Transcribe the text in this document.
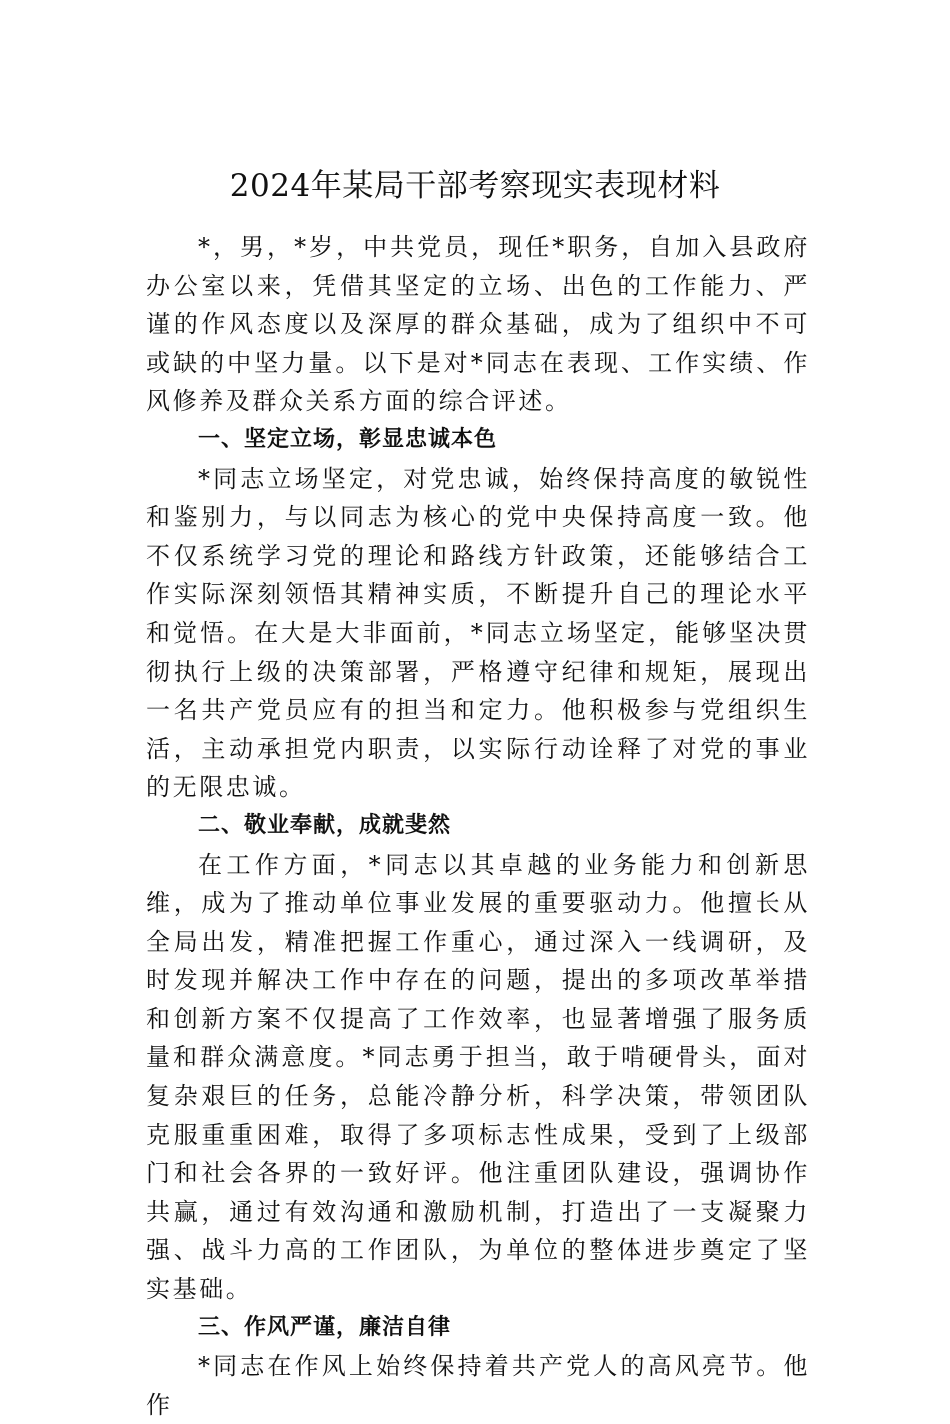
2024年某局干部考察现实表现材料

*，男，*岁，中共党员，现任*职务，自加入县政府办公室以来，凭借其坚定的立场、出色的工作能力、严谨的作风态度以及深厚的群众基础，成为了组织中不可或缺的中坚力量。以下是对*同志在表现、工作实绩、作风修养及群众关系方面的综合评述。

一、坚定立场，彰显忠诚本色

*同志立场坚定，对党忠诚，始终保持高度的敏锐性和鉴别力，与以同志为核心的党中央保持高度一致。他不仅系统学习党的理论和路线方针政策，还能够结合工作实际深刻领悟其精神实质，不断提升自己的理论水平和觉悟。在大是大非面前，*同志立场坚定，能够坚决贯彻执行上级的决策部署，严格遵守纪律和规矩，展现出一名共产党员应有的担当和定力。他积极参与党组织生活，主动承担党内职责，以实际行动诠释了对党的事业的无限忠诚。

二、敬业奉献，成就斐然

在工作方面，*同志以其卓越的业务能力和创新思维，成为了推动单位事业发展的重要驱动力。他擅长从全局出发，精准把握工作重心，通过深入一线调研，及时发现并解决工作中存在的问题，提出的多项改革举措和创新方案不仅提高了工作效率，也显著增强了服务质量和群众满意度。*同志勇于担当，敢于啃硬骨头，面对复杂艰巨的任务，总能冷静分析，科学决策，带领团队克服重重困难，取得了多项标志性成果，受到了上级部门和社会各界的一致好评。他注重团队建设，强调协作共赢，通过有效沟通和激励机制，打造出了一支凝聚力强、战斗力高的工作团队，为单位的整体进步奠定了坚实基础。

三、作风严谨，廉洁自律

*同志在作风上始终保持着共产党人的高风亮节。他作
